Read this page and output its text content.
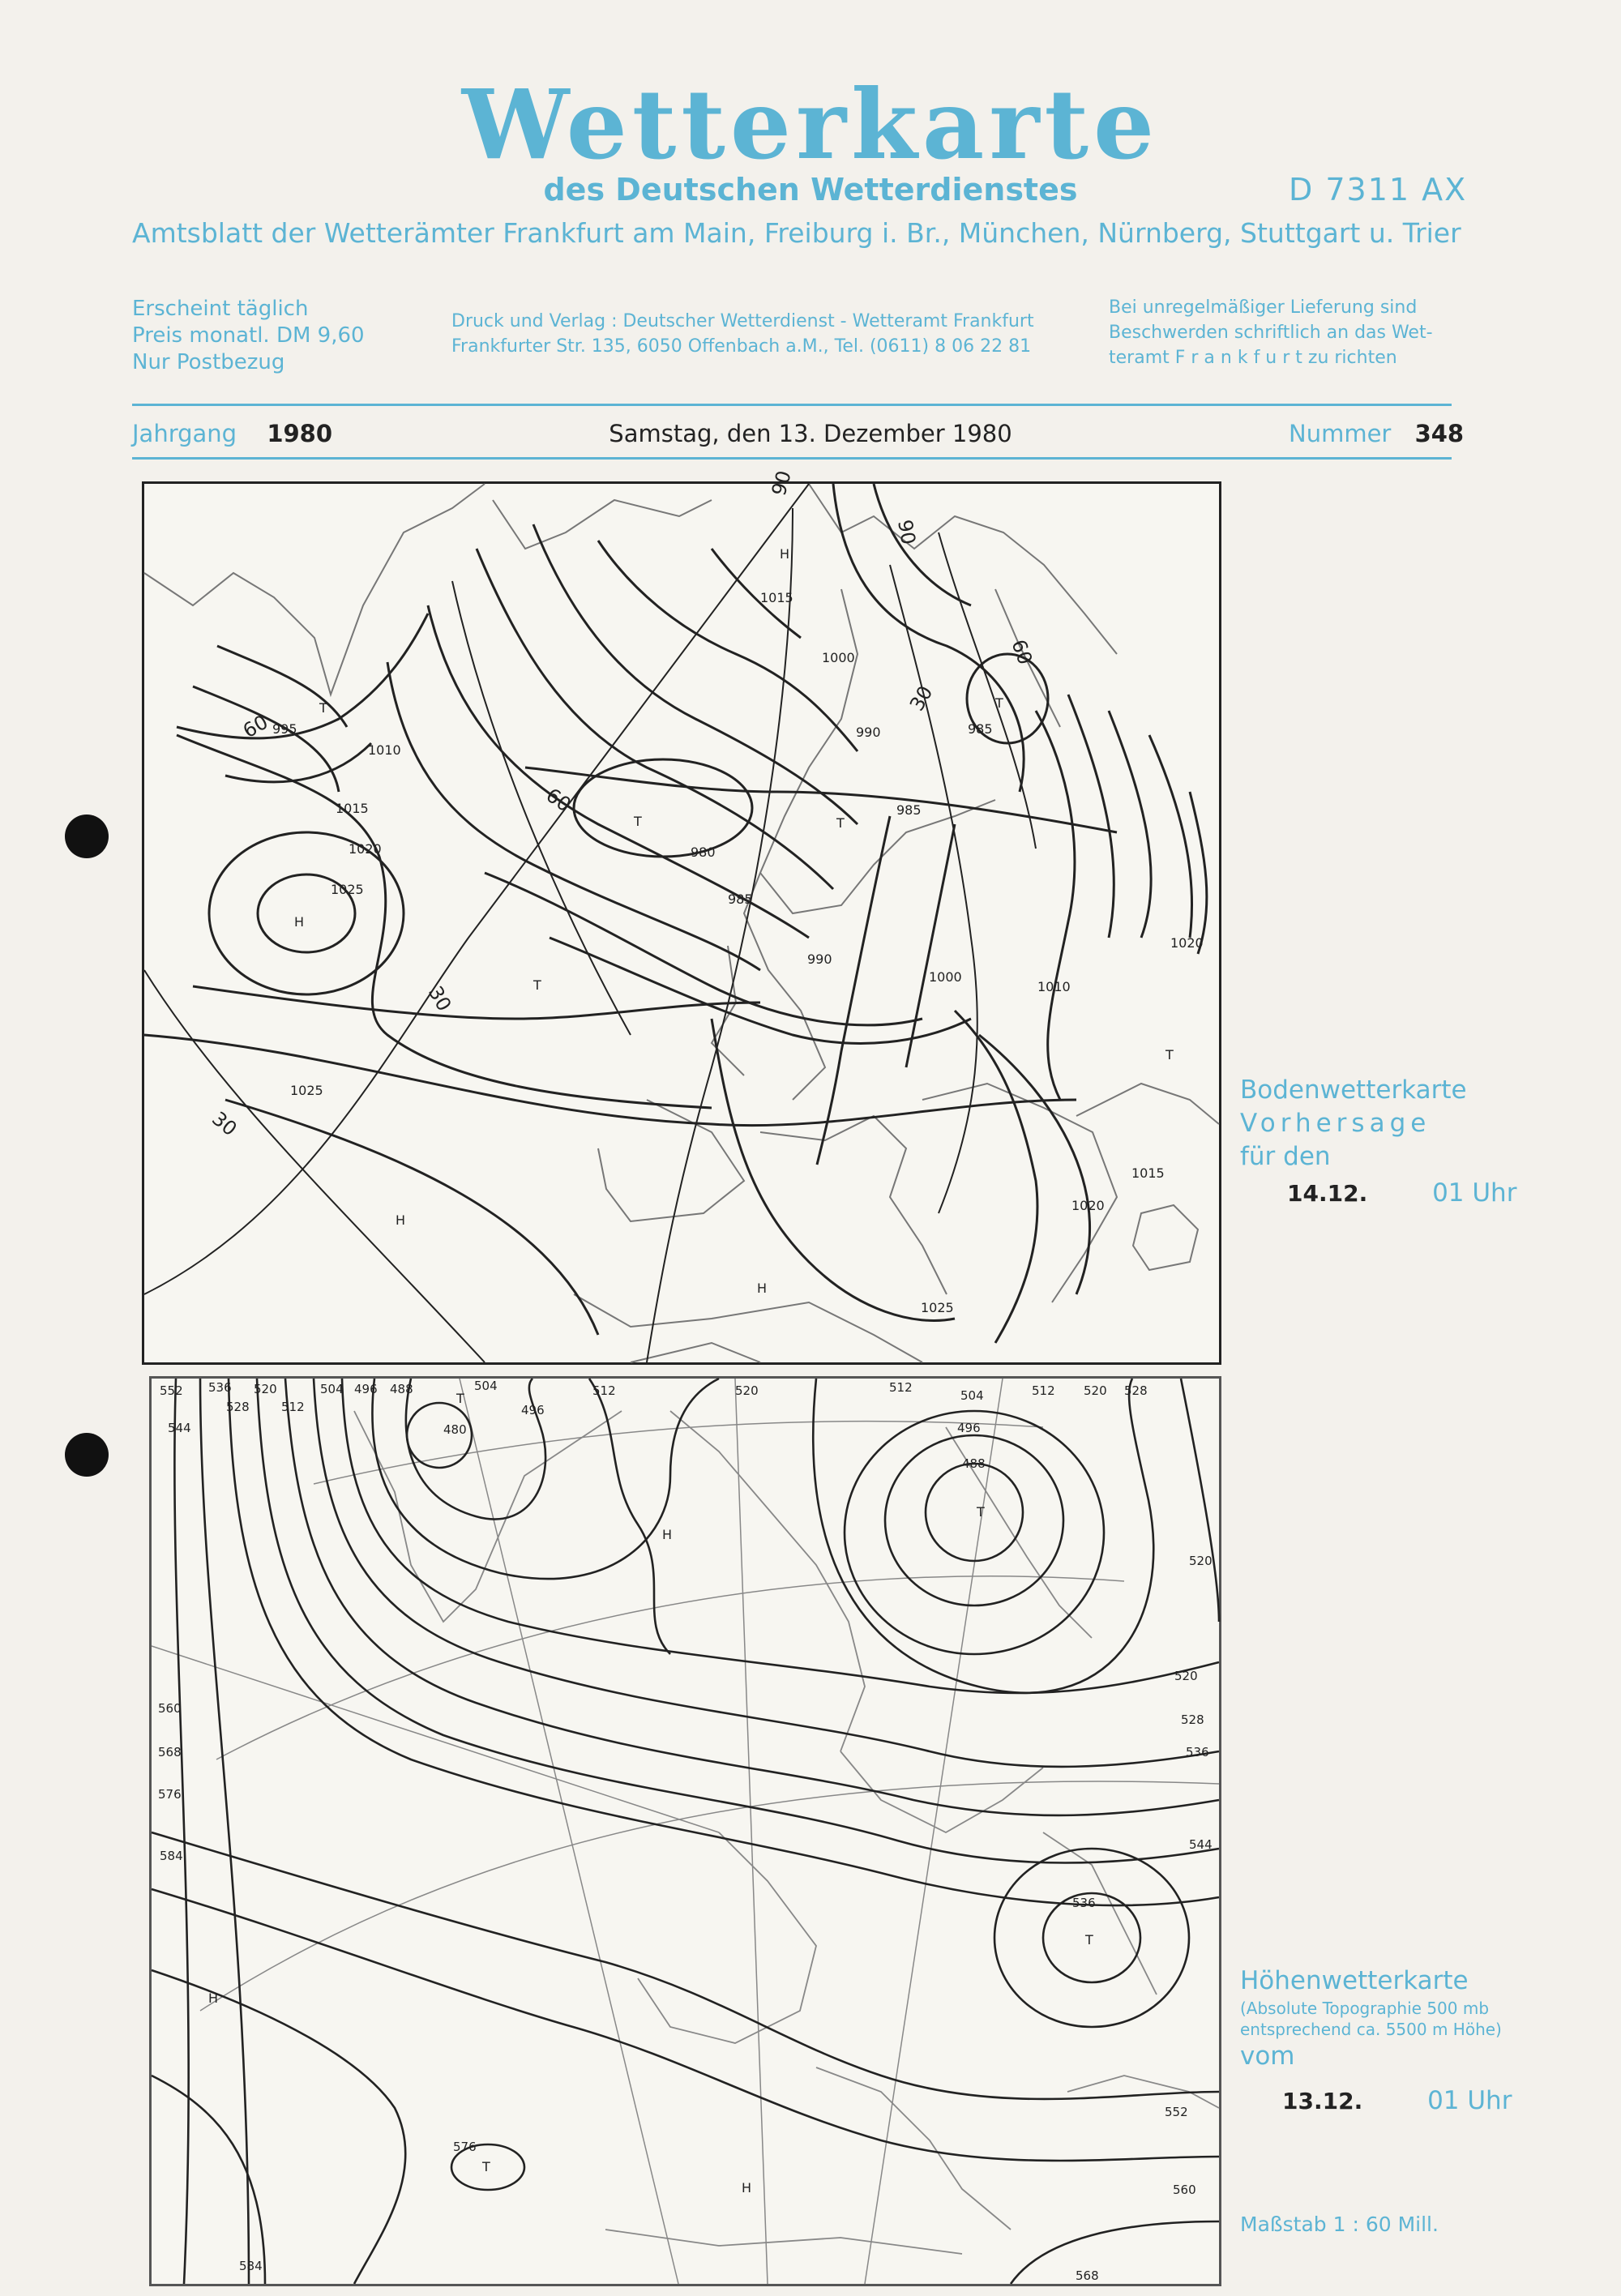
Wetterkarte
des Deutschen Wetterdienstes	D 7311 AX
Amtsblatt der Wetterämter Frankfurt am Main, Freiburg i. Br., München, Nürnberg, Stuttgart u. Trier
Erscheint täglich
Preis monatl. DM 9,60
Nur Postbezug
Druck und Verlag : Deutscher Wetterdienst - Wetteramt Frankfurt
Frankfurter Str. 135, 6050 Offenbach a.M., Tel. (0611) 8 06 22 81
Bei unregelmäßiger Lieferung sind
Beschwerden schriftlich an das Wet-
teramt F r a n k f u r t zu richten
Jahrgang 1980	Samstag, den 13. Dezember 1980	Nummer 348
1015
1000
990
995
1010
1015
1020
1025
980
985
990
985
1000
1010
1020
1025
1015
1020
1025
985
90
90
60
60
30
30
30
60
H
T
T	T
T
H
T
H
H
T
Bodenwetterkarte
Vorhersage
für den
14.12.	01 Uhr
552 536
528
520
512
504 496 488
480
496
504	512	520	512
504
496
488
512 520 528
544
560
568
576
584
520
520
528
536
544
552
560
536
576
584
568
T
H
T
T
T
H
H
Höhenwetterkarte
(Absolute Topographie 500 mb
entsprechend ca. 5500 m Höhe)
vom
13.12.	01 Uhr
Maßstab 1 : 60 Mill.
